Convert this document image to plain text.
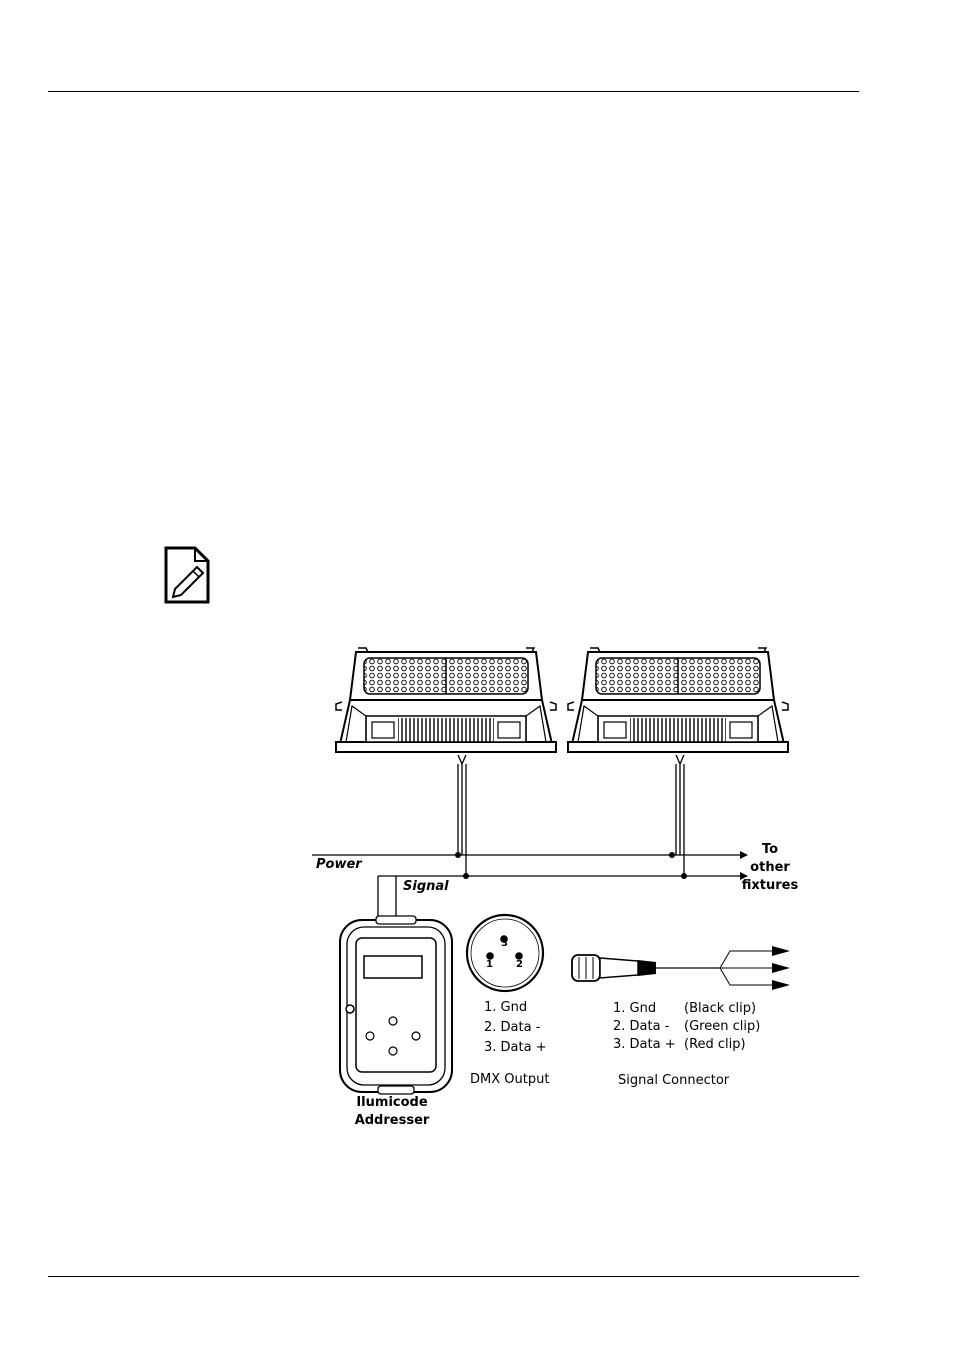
Power
Signal
To
other
fixtures
Ilumicode
Addresser
3
1 2
1. Gnd
2. Data -
3. Data +
DMX Output
1. Gnd
2. Data -
3. Data +
(Black clip)
(Green clip)
(Red clip)
Signal Connector
